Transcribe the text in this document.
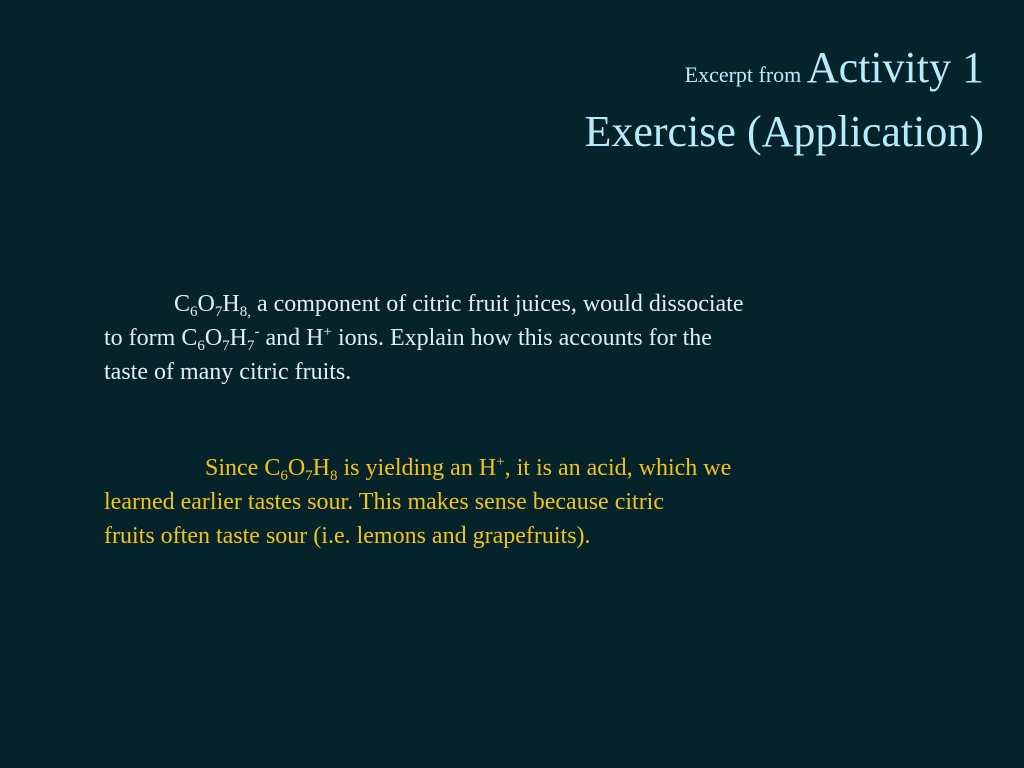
Excerpt from Activity 1
Exercise (Application)
$C_6O_7H_{8,}$ a component of citric fruit juices, would dissociate
to form $C_6O_7H_7^-$ and H+ ions. Explain how this accounts for the
taste of many citric fruits.
Since $C_6O_7H_8$ is yielding an H+, it is an acid, which we
learned earlier tastes sour. This makes sense because citric
fruits often taste sour (i.e. lemons and grapefruits).
